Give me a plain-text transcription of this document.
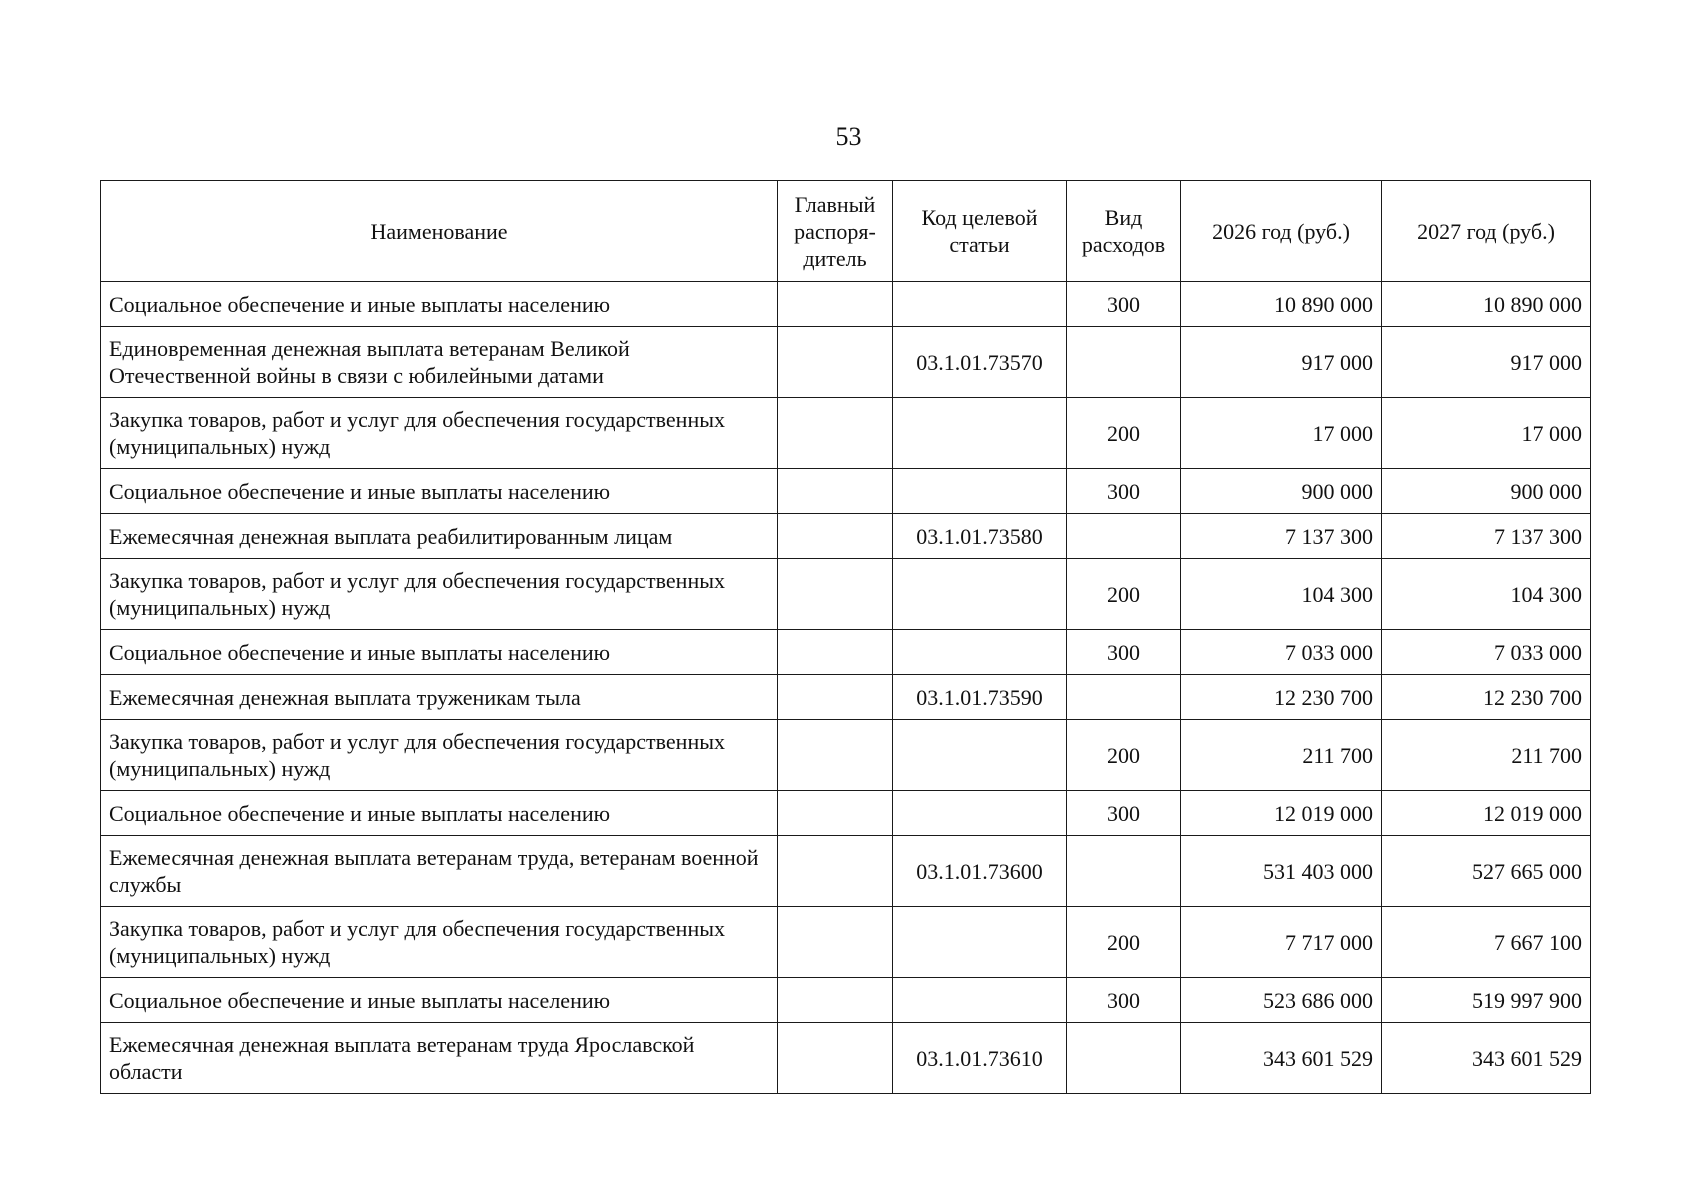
53
Наименование	Главный распоря-дитель	Код целевой статьи	Вид расходов	2026 год (руб.)	2027 год (руб.)
Социальное обеспечение и иные выплаты населению			300	10 890 000	10 890 000
Единовременная денежная выплата ветеранам Великой Отечественной войны в связи с юбилейными датами		03.1.01.73570		917 000	917 000
Закупка товаров, работ и услуг для обеспечения государственных (муниципальных) нужд			200	17 000	17 000
Социальное обеспечение и иные выплаты населению			300	900 000	900 000
Ежемесячная денежная выплата реабилитированным лицам		03.1.01.73580		7 137 300	7 137 300
Закупка товаров, работ и услуг для обеспечения государственных (муниципальных) нужд			200	104 300	104 300
Социальное обеспечение и иные выплаты населению			300	7 033 000	7 033 000
Ежемесячная денежная выплата труженикам тыла		03.1.01.73590		12 230 700	12 230 700
Закупка товаров, работ и услуг для обеспечения государственных (муниципальных) нужд			200	211 700	211 700
Социальное обеспечение и иные выплаты населению			300	12 019 000	12 019 000
Ежемесячная денежная выплата ветеранам труда, ветеранам военной службы		03.1.01.73600		531 403 000	527 665 000
Закупка товаров, работ и услуг для обеспечения государственных (муниципальных) нужд			200	7 717 000	7 667 100
Социальное обеспечение и иные выплаты населению			300	523 686 000	519 997 900
Ежемесячная денежная выплата ветеранам труда Ярославской области		03.1.01.73610		343 601 529	343 601 529
